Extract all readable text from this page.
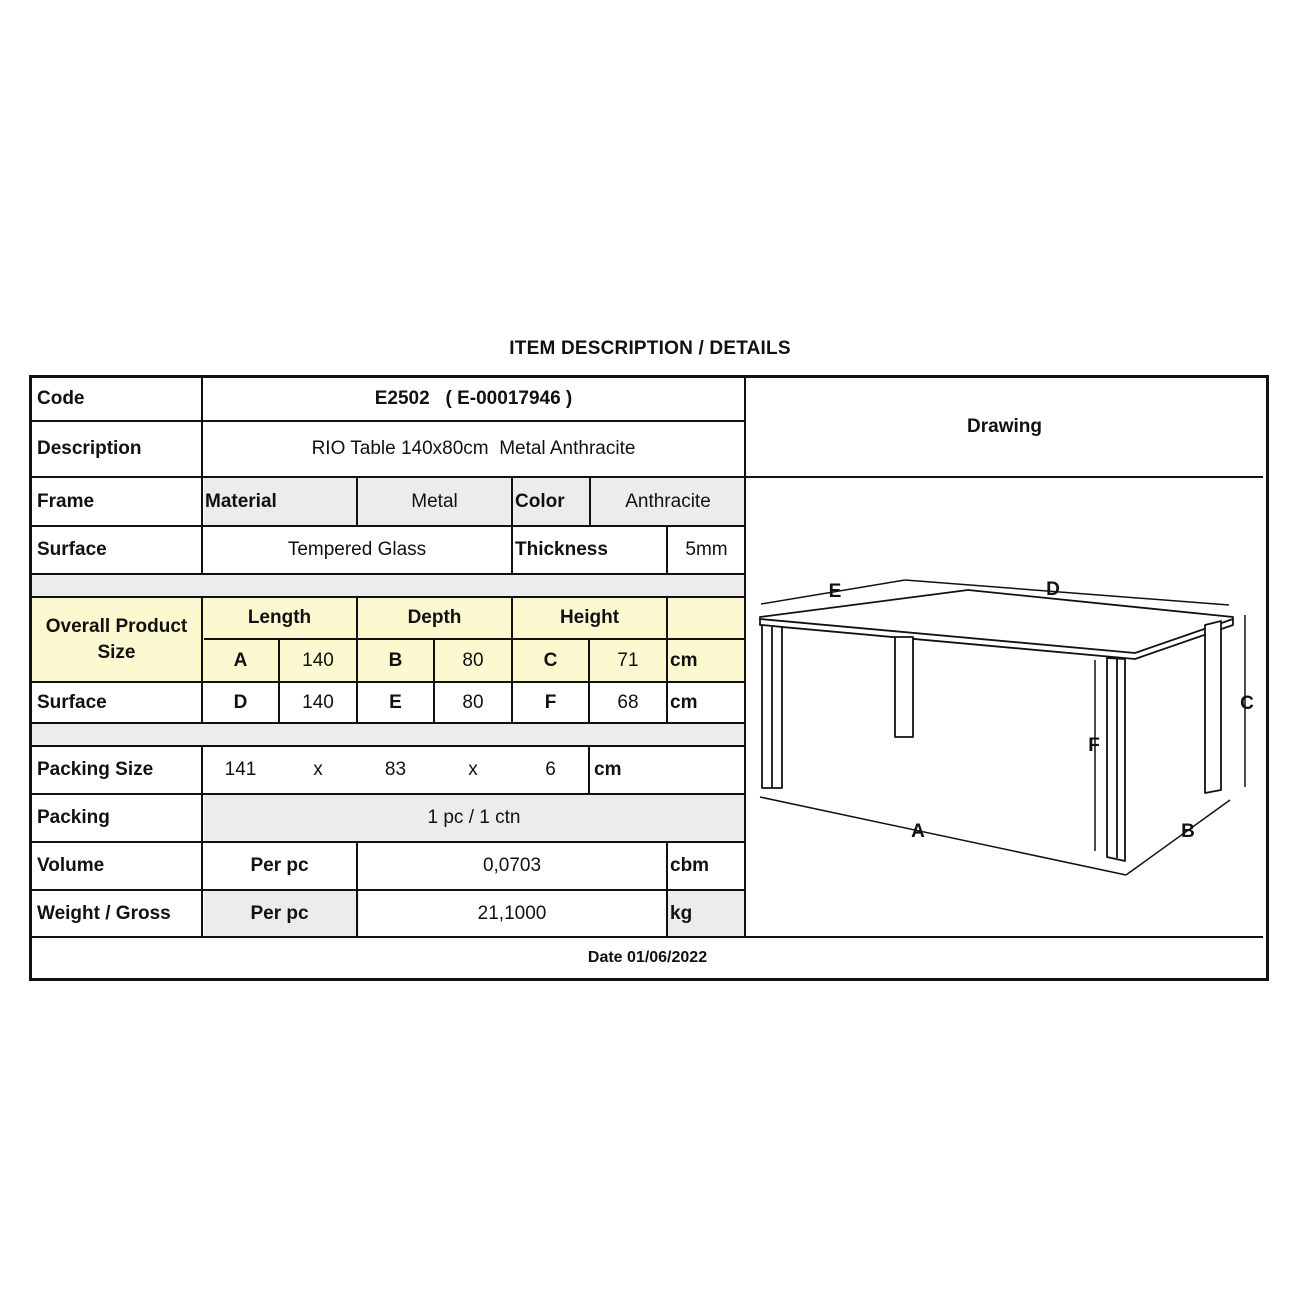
ITEM DESCRIPTION / DETAILS
Code	E2502   ( E-00017946 )
Description	RIO Table 140x80cm  Metal Anthracite
Drawing
Frame	Material	Metal	Color	Anthracite
Surface	Tempered Glass	Thickness	5mm
Overall Product
Size
Length	Depth	Height
A	140	B	80	C	71	cm
Surface	D	140	E	80	F	68	cm
Packing Size	141	x	83	x	6	cm
Packing	1 pc / 1 ctn
Volume	Per pc	0,0703	cbm
Weight / Gross	Per pc	21,1000	kg
Date 01/06/2022
E	D
C
F
A	B
